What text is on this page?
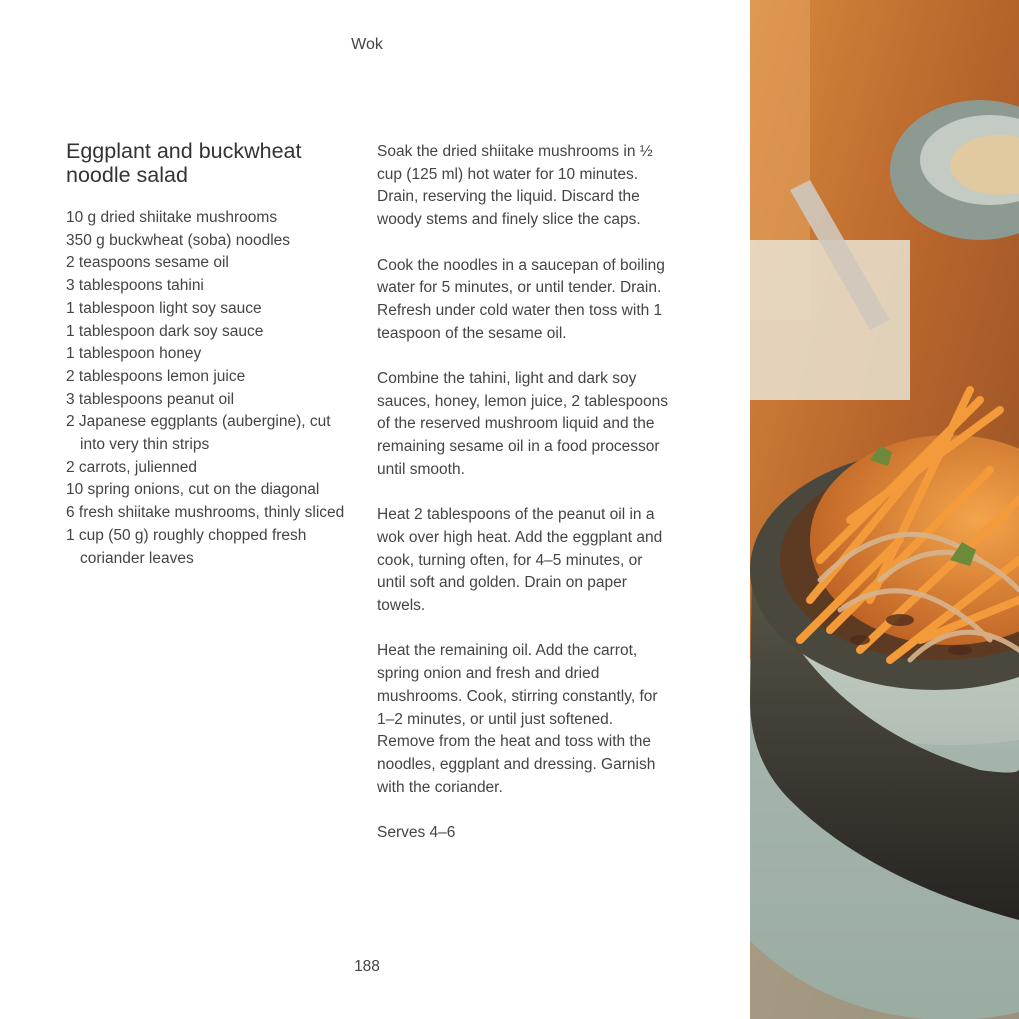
Wok
Eggplant and buckwheat noodle salad
10 g dried shiitake mushrooms
350 g buckwheat (soba) noodles
2 teaspoons sesame oil
3 tablespoons tahini
1 tablespoon light soy sauce
1 tablespoon dark soy sauce
1 tablespoon honey
2 tablespoons lemon juice
3 tablespoons peanut oil
2 Japanese eggplants (aubergine), cut into very thin strips
2 carrots, julienned
10 spring onions, cut on the diagonal
6 fresh shiitake mushrooms, thinly sliced
1 cup (50 g) roughly chopped fresh coriander leaves

Soak the dried shiitake mushrooms in ½ cup (125 ml) hot water for 10 minutes. Drain, reserving the liquid. Discard the woody stems and finely slice the caps.

Cook the noodles in a saucepan of boiling water for 5 minutes, or until tender. Drain. Refresh under cold water then toss with 1 teaspoon of the sesame oil.

Combine the tahini, light and dark soy sauces, honey, lemon juice, 2 tablespoons of the reserved mushroom liquid and the remaining sesame oil in a food processor until smooth.

Heat 2 tablespoons of the peanut oil in a wok over high heat. Add the eggplant and cook, turning often, for 4–5 minutes, or until soft and golden. Drain on paper towels.

Heat the remaining oil. Add the carrot, spring onion and fresh and dried mushrooms. Cook, stirring constantly, for 1–2 minutes, or until just softened. Remove from the heat and toss with the noodles, eggplant and dressing. Garnish with the coriander.

Serves 4–6

188
